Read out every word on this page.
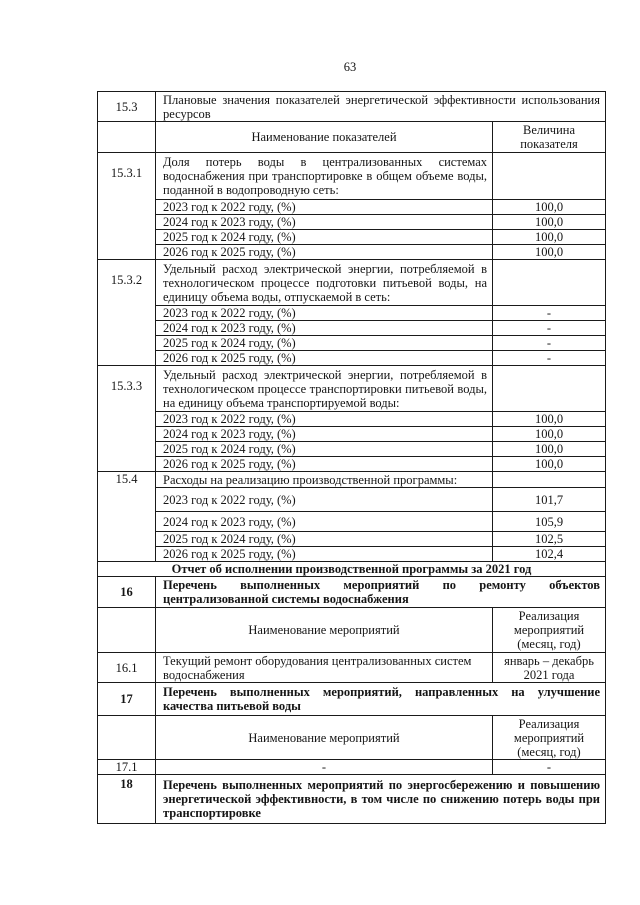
63
15.3	Плановые значения показателей энергетической эффективности использования ресурсов	
	Наименование показателей	Величина показателя
15.3.1	Доля потерь воды в централизованных системах водоснабжения при транспортировке в общем объеме воды, поданной в водопроводную сеть:	
	2023 год к 2022 году, (%)	100,0
	2024 год к 2023 году, (%)	100,0
	2025 год к 2024 году, (%)	100,0
	2026 год к 2025 году, (%)	100,0
15.3.2	Удельный расход электрической энергии, потребляемой в технологическом процессе подготовки питьевой воды, на единицу объема воды, отпускаемой в сеть:	
	2023 год к 2022 году, (%)	-
	2024 год к 2023 году, (%)	-
	2025 год к 2024 году, (%)	-
	2026 год к 2025 году, (%)	-
15.3.3	Удельный расход электрической энергии, потребляемой в технологическом процессе транспортировки питьевой воды, на единицу объема транспортируемой воды:	
	2023 год к 2022 году, (%)	100,0
	2024 год к 2023 году, (%)	100,0
	2025 год к 2024 году, (%)	100,0
	2026 год к 2025 году, (%)	100,0
15.4	Расходы на реализацию производственной программы:	
	2023 год к 2022 году, (%)	101,7
	2024 год к 2023 году, (%)	105,9
	2025 год к 2024 году, (%)	102,5
	2026 год к 2025 году, (%)	102,4
Отчет об исполнении производственной программы за 2021 год		
16	Перечень выполненных мероприятий по ремонту объектов централизованной системы водоснабжения	
	Наименование мероприятий	Реализация мероприятий (месяц, год)
16.1	Текущий ремонт оборудования централизованных систем водоснабжения	январь – декабрь 2021 года
17	Перечень выполненных мероприятий, направленных на улучшение качества питьевой воды	
	Наименование мероприятий	Реализация мероприятий (месяц, год)
17.1	-	-
18	Перечень выполненных мероприятий по энергосбережению и повышению энергетической эффективности, в том числе по снижению потерь воды при транспортировке	
